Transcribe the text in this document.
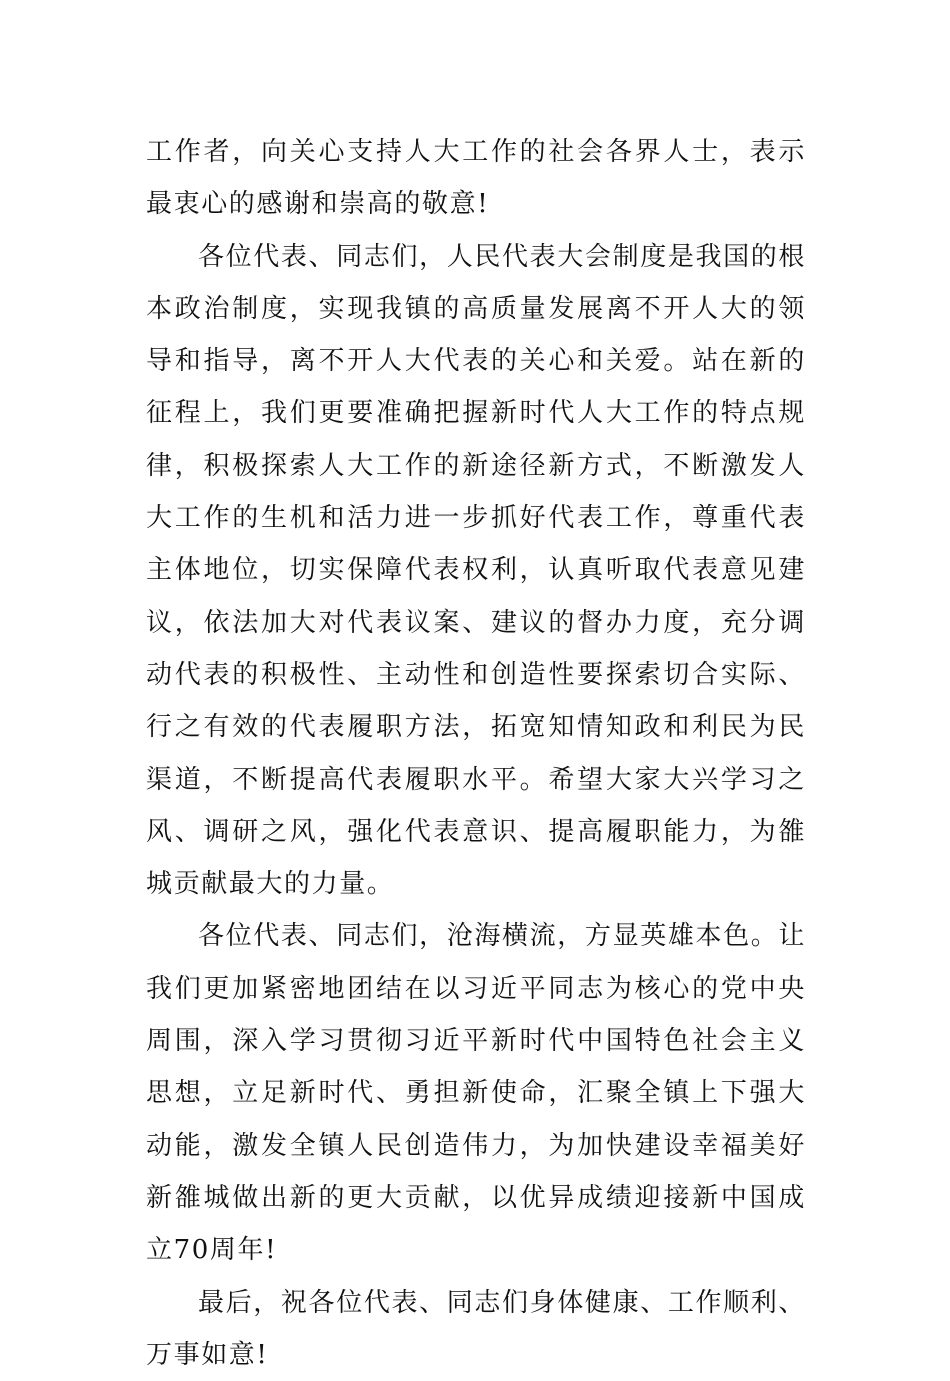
工作者，向关心支持人大工作的社会各界人士，表示最衷心的感谢和崇高的敬意!

各位代表、同志们，人民代表大会制度是我国的根本政治制度，实现我镇的高质量发展离不开人大的领导和指导，离不开人大代表的关心和关爱。站在新的征程上，我们更要准确把握新时代人大工作的特点规律，积极探索人大工作的新途径新方式，不断激发人大工作的生机和活力进一步抓好代表工作，尊重代表主体地位，切实保障代表权利，认真听取代表意见建议，依法加大对代表议案、建议的督办力度，充分调动代表的积极性、主动性和创造性要探索切合实际、行之有效的代表履职方法，拓宽知情知政和利民为民渠道，不断提高代表履职水平。希望大家大兴学习之风、调研之风，强化代表意识、提高履职能力，为雒城贡献最大的力量。

各位代表、同志们，沧海横流，方显英雄本色。让我们更加紧密地团结在以习近平同志为核心的党中央周围，深入学习贯彻习近平新时代中国特色社会主义思想，立足新时代、勇担新使命，汇聚全镇上下强大动能，激发全镇人民创造伟力，为加快建设幸福美好新雒城做出新的更大贡献，以优异成绩迎接新中国成立70周年!

最后，祝各位代表、同志们身体健康、工作顺利、万事如意!
